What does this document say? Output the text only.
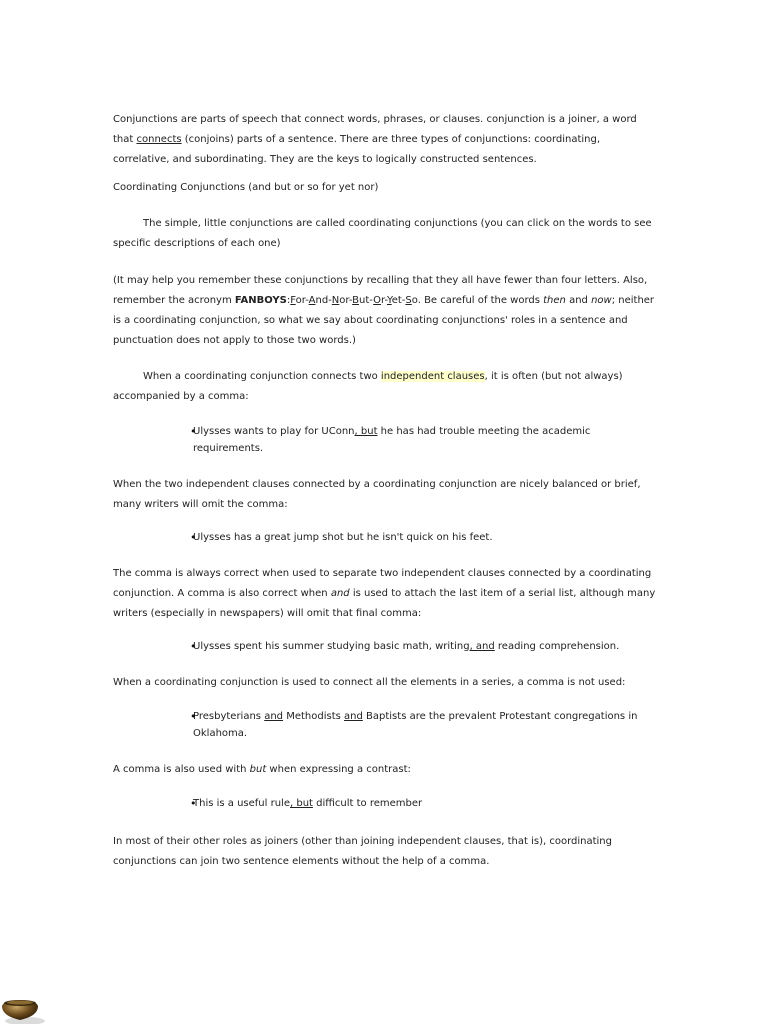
Conjunctions are parts of speech that connect words, phrases, or clauses. conjunction is a joiner, a word that connects (conjoins) parts of a sentence. There are three types of conjunctions: coordinating, correlative, and subordinating. They are the keys to logically constructed sentences.

Coordinating Conjunctions (and but or so for yet nor)

The simple, little conjunctions are called coordinating conjunctions (you can click on the words to see specific descriptions of each one)

(It may help you remember these conjunctions by recalling that they all have fewer than four letters. Also, remember the acronym FANBOYS:For-And-Nor-But-Or-Yet-So. Be careful of the words then and now; neither is a coordinating conjunction, so what we say about coordinating conjunctions' roles in a sentence and punctuation does not apply to those two words.)

When a coordinating conjunction connects two independent clauses, it is often (but not always) accompanied by a comma:

• Ulysses wants to play for UConn, but he has had trouble meeting the academic requirements.

When the two independent clauses connected by a coordinating conjunction are nicely balanced or brief, many writers will omit the comma:

• Ulysses has a great jump shot but he isn't quick on his feet.

The comma is always correct when used to separate two independent clauses connected by a coordinating conjunction. A comma is also correct when and is used to attach the last item of a serial list, although many writers (especially in newspapers) will omit that final comma:

• Ulysses spent his summer studying basic math, writing, and reading comprehension.

When a coordinating conjunction is used to connect all the elements in a series, a comma is not used:

• Presbyterians and Methodists and Baptists are the prevalent Protestant congregations in Oklahoma.

A comma is also used with but when expressing a contrast:

• This is a useful rule, but difficult to remember

In most of their other roles as joiners (other than joining independent clauses, that is), coordinating conjunctions can join two sentence elements without the help of a comma.
